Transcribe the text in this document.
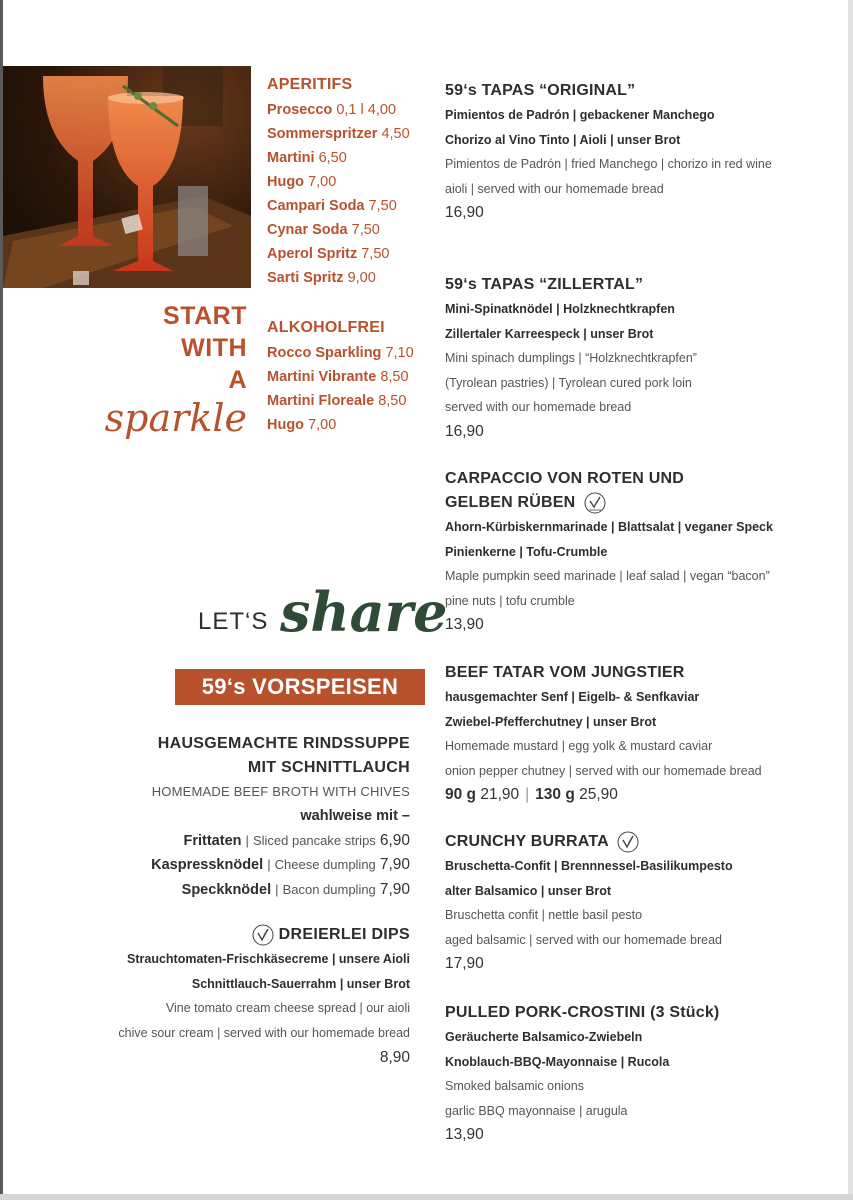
APERITIFS
Prosecco 0,1 l 4,00
Sommerspritzer 4,50
Martini 6,50
Hugo 7,00
Campari Soda 7,50
Cynar Soda 7,50
Aperol Spritz 7,50
Sarti Spritz 9,00
ALKOHOLFREI
Rocco Sparkling 7,10
Martini Vibrante 8,50
Martini Floreale 8,50
Hugo 7,00
START
WITH
A
sparkle
LET‘S share
59‘s VORSPEISEN
HAUSGEMACHTE RINDSSUPPE
MIT SCHNITTLAUCH
HOMEMADE BEEF BROTH WITH CHIVES
wahlweise mit –
Frittaten | Sliced pancake strips 6,90
Kaspressknödel | Cheese dumpling 7,90
Speckknödel | Bacon dumpling 7,90
DREIERLEI DIPS
Strauchtomaten-Frischkäsecreme | unsere Aioli
Schnittlauch-Sauerrahm | unser Brot
Vine tomato cream cheese spread | our aioli
chive sour cream | served with our homemade bread
8,90
59‘s TAPAS “ORIGINAL”
Pimientos de Padrón | gebackener Manchego
Chorizo al Vino Tinto | Aioli | unser Brot
Pimientos de Padrón | fried Manchego | chorizo in red wine
aioli | served with our homemade bread
16,90
59‘s TAPAS “ZILLERTAL”
Mini-Spinatknödel | Holzknechtkrapfen
Zillertaler Karreespeck | unser Brot
Mini spinach dumplings | “Holzknechtkrapfen”
(Tyrolean pastries) | Tyrolean cured pork loin
served with our homemade bread
16,90
CARPACCIO VON ROTEN UND
GELBEN RÜBEN	VEGAN
Ahorn-Kürbiskernmarinade | Blattsalat | veganer Speck
Pinienkerne | Tofu-Crumble
Maple pumpkin seed marinade | leaf salad | vegan “bacon”
pine nuts | tofu crumble
13,90
BEEF TATAR VOM JUNGSTIER
hausgemachter Senf | Eigelb- & Senfkaviar
Zwiebel-Pfefferchutney | unser Brot
Homemade mustard | egg yolk & mustard caviar
onion pepper chutney | served with our homemade bread
90 g 21,90 | 130 g 25,90
CRUNCHY BURRATA
Bruschetta-Confit | Brennnessel-Basilikumpesto
alter Balsamico | unser Brot
Bruschetta confit | nettle basil pesto
aged balsamic | served with our homemade bread
17,90
PULLED PORK-CROSTINI (3 Stück)
Geräucherte Balsamico-Zwiebeln
Knoblauch-BBQ-Mayonnaise | Rucola
Smoked balsamic onions
garlic BBQ mayonnaise | arugula
13,90
